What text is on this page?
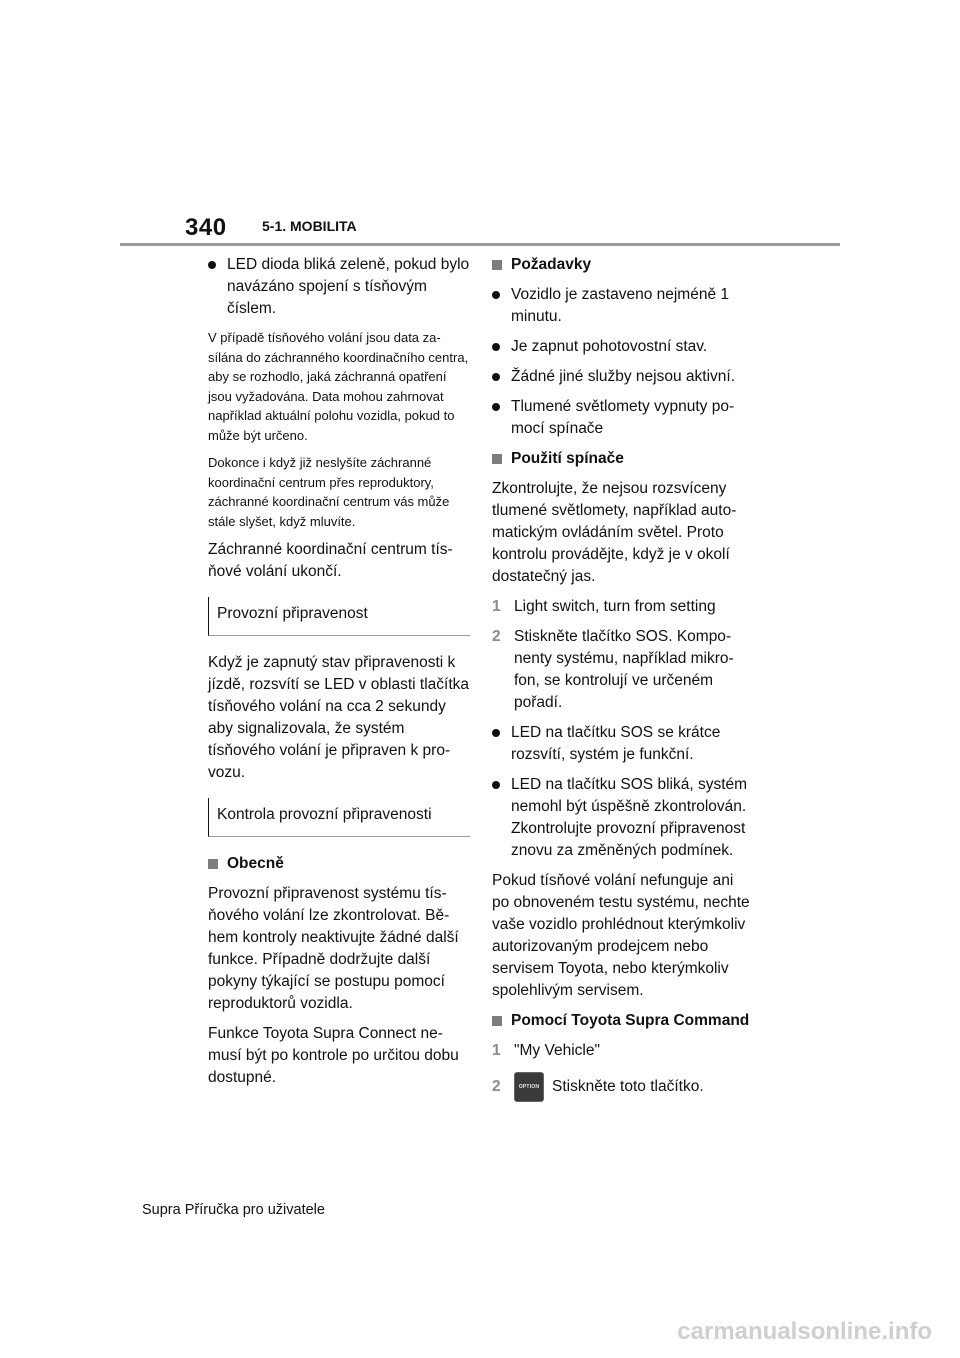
340	5-1. MOBILITA
LED dioda bliká zeleně, pokud bylo navázáno spojení s tísňovým číslem.

V případě tísňového volání jsou data zasílána do záchranného koordinačního centra, aby se rozhodlo, jaká záchranná opatření jsou vyžadována. Data mohou zahrnovat například aktuální polohu vozidla, pokud to může být určeno.

Dokonce i když již neslyšíte záchranné koordinační centrum přes reproduktory, záchranné koordinační centrum vás může stále slyšet, když mluvíte.

Záchranné koordinační centrum tísňové volání ukončí.

Provozní připravenost

Když je zapnutý stav připravenosti k jízdě, rozsvítí se LED v oblasti tlačítka tísňového volání na cca 2 sekundy aby signalizovala, že systém tísňového volání je připraven k provozu.

Kontrola provozní připravenosti
Obecně

Provozní připravenost systému tísňového volání lze zkontrolovat. Během kontroly neaktivujte žádné další funkce. Případně dodržujte další pokyny týkající se postupu pomocí reproduktorů vozidla.

Funkce Toyota Supra Connect nemusí být po kontrole po určitou dobu dostupné.

Požadavky
Vozidlo je zastaveno nejméně 1 minutu.
Je zapnut pohotovostní stav.
Žádné jiné služby nejsou aktivní.
Tlumené světlomety vypnuty pomocí spínače
Použití spínače

Zkontrolujte, že nejsou rozsvíceny tlumené světlomety, například automatickým ovládáním světel. Proto kontrolu provádějte, když je v okolí dostatečný jas.

1 Light switch, turn from setting
2 Stiskněte tlačítko SOS. Komponenty systému, například mikrofon, se kontrolují ve určeném pořadí.
LED na tlačítku SOS se krátce rozsvítí, systém je funkční.
LED na tlačítku SOS bliká, systém nemohl být úspěšně zkontrolován. Zkontrolujte provozní připravenost znovu za změněných podmínek.

Pokud tísňové volání nefunguje ani po obnoveném testu systému, nechte vaše vozidlo prohlédnout kterýmkoliv autorizovaným prodejcem nebo servisem Toyota, nebo kterýmkoliv spolehlivým servisem.

Pomocí Toyota Supra Command
1 "My Vehicle"
2	OPTION Stiskněte toto tlačítko.
Supra Příručka pro uživatele
carmanualsonline.info
